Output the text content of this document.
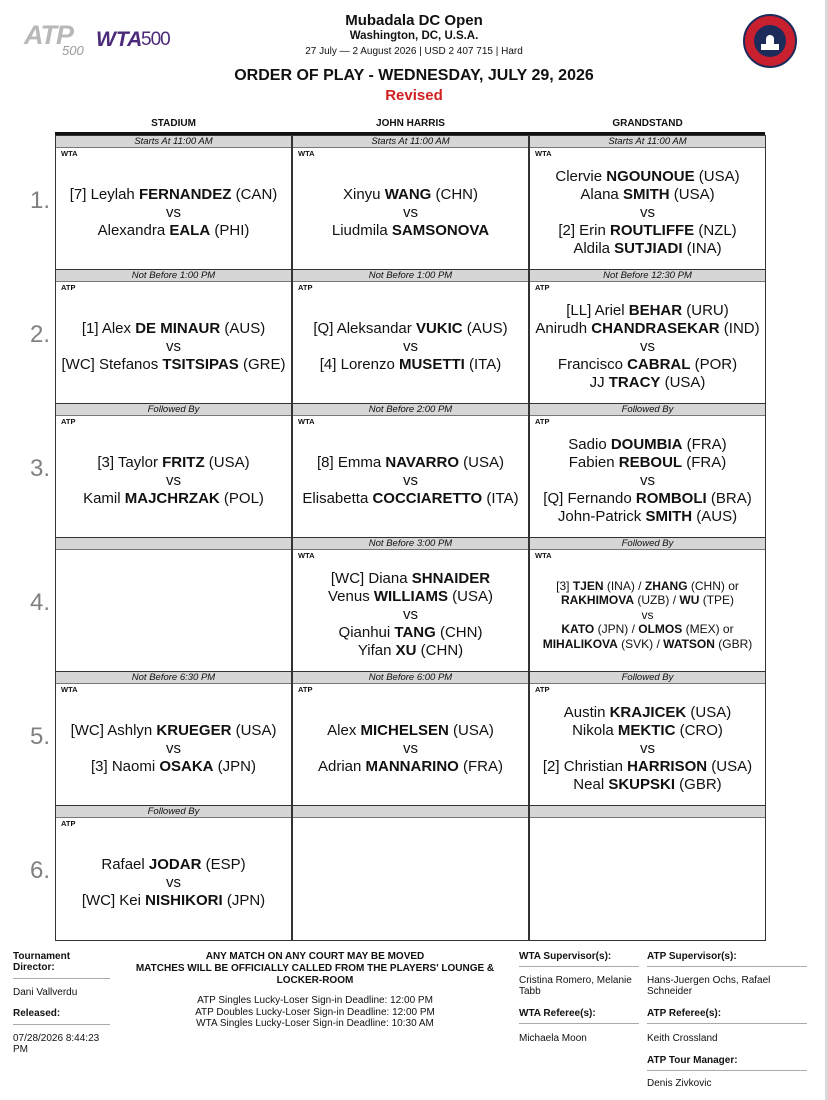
ATP
500 WTA
500
Mubadala DC Open
Washington, DC, U.S.A.
27 July — 2 August 2026 | USD 2 407 715 | Hard
ORDER OF PLAY - WEDNESDAY, JULY 29, 2026
Revised
STADIUM	JOHN HARRIS	GRANDSTAND
Starts At 11:00 AM
WTA
[7] Leylah FERNANDEZ (CAN)
vs
Alexandra EALA (PHI)
Starts At 11:00 AM
WTA
Xinyu WANG (CHN)
vs
Liudmila SAMSONOVA
Starts At 11:00 AM
WTA
Clervie NGOUNOUE (USA)
Alana SMITH (USA)
vs
[2] Erin ROUTLIFFE (NZL)
Aldila SUTJIADI (INA)
Not Before 1:00 PM
ATP
[1] Alex DE MINAUR (AUS)
vs
[WC] Stefanos TSITSIPAS (GRE)
Not Before 1:00 PM
ATP
[Q] Aleksandar VUKIC (AUS)
vs
[4] Lorenzo MUSETTI (ITA)
Not Before 12:30 PM
ATP
[LL] Ariel BEHAR (URU)
Anirudh CHANDRASEKAR (IND)
vs
Francisco CABRAL (POR)
JJ TRACY (USA)
Followed By
ATP
[3] Taylor FRITZ (USA)
vs
Kamil MAJCHRZAK (POL)
Not Before 2:00 PM
WTA
[8] Emma NAVARRO (USA)
vs
Elisabetta COCCIARETTO (ITA)
Followed By
ATP
Sadio DOUMBIA (FRA)
Fabien REBOUL (FRA)
vs
[Q] Fernando ROMBOLI (BRA)
John-Patrick SMITH (AUS)
Not Before 3:00 PM
WTA
[WC] Diana SHNAIDER
Venus WILLIAMS (USA)
vs
Qianhui TANG (CHN)
Yifan XU (CHN)
Followed By
WTA
[3] TJEN (INA) / ZHANG (CHN) or
RAKHIMOVA (UZB) / WU (TPE)
vs
KATO (JPN) / OLMOS (MEX) or
MIHALIKOVA (SVK) / WATSON (GBR)
Not Before 6:30 PM
WTA
[WC] Ashlyn KRUEGER (USA)
vs
[3] Naomi OSAKA (JPN)
Not Before 6:00 PM
ATP
Alex MICHELSEN (USA)
vs
Adrian MANNARINO (FRA)
Followed By
ATP
Austin KRAJICEK (USA)
Nikola MEKTIC (CRO)
vs
[2] Christian HARRISON (USA)
Neal SKUPSKI (GBR)
Followed By
ATP
Rafael JODAR (ESP)
vs
[WC] Kei NISHIKORI (JPN)
Tournament Director:
Dani Vallverdu
Released:
07/28/2026 8:44:23 PM
ANY MATCH ON ANY COURT MAY BE MOVED
MATCHES WILL BE OFFICIALLY CALLED FROM THE PLAYERS' LOUNGE & LOCKER-ROOM
ATP Singles Lucky-Loser Sign-in Deadline: 12:00 PM
ATP Doubles Lucky-Loser Sign-in Deadline: 12:00 PM
WTA Singles Lucky-Loser Sign-in Deadline: 10:30 AM
WTA Supervisor(s):
Cristina Romero, Melanie Tabb
WTA Referee(s):
Michaela Moon
ATP Supervisor(s):
Hans-Juergen Ochs, Rafael Schneider
ATP Referee(s):
Keith Crossland
ATP Tour Manager:
Denis Zivkovic
1.
2.
3.
4.
5.
6.
